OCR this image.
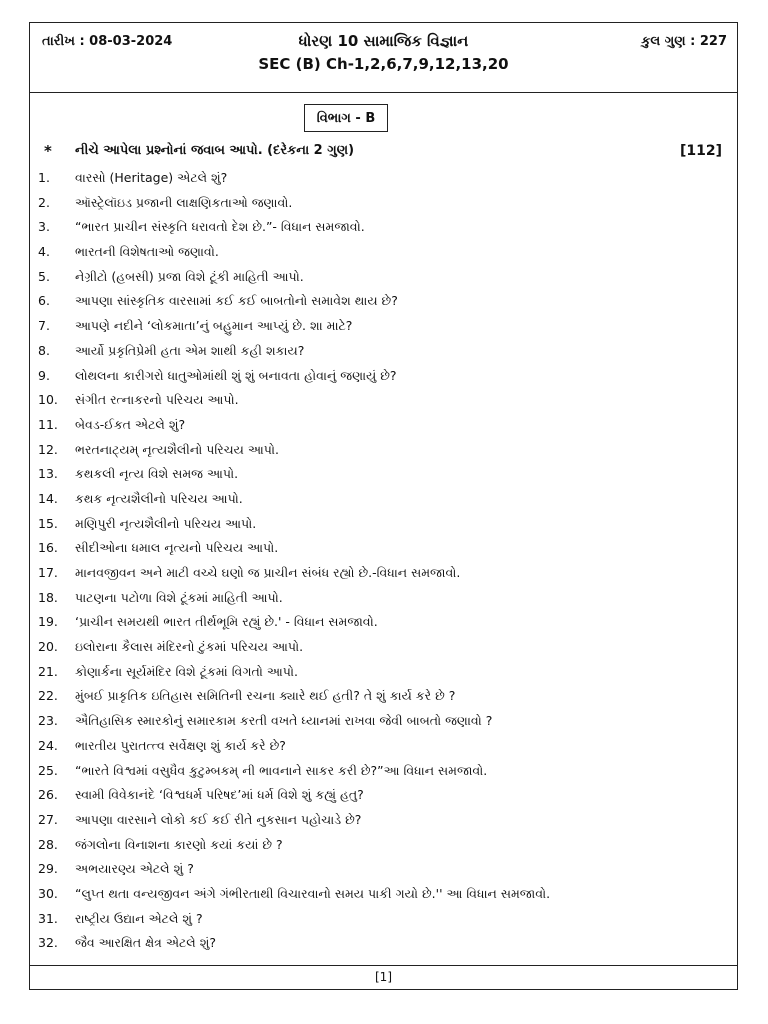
તારીખ : 08-03-2024	ધોરણ 10 સામાજિક વિજ્ઞાન
SEC (B) Ch-1,2,6,7,9,12,13,20
કુલ ગુણ : 227
વિભાગ - B
* નીચે આપેલા પ્રશ્નોનાં જવાબ આપો. (દરેકના 2 ગુણ)	[112]
1.	વારસો (Heritage) એટલે શું?
2.	ઑસ્ટ્રેલૉઇડ પ્રજાની લાક્ષણિકતાઓ જણાવો.
3.	“ભારત પ્રાચીન સંસ્કૃતિ ધરાવતો દેશ છે.”- વિધાન સમજાવો.
4.	ભારતની વિશેષતાઓ જણાવો.
5.	નેગ્રીટો (હબસી) પ્રજા વિશે ટૂંકી માહિતી આપો.
6.	આપણા સાંસ્કૃતિક વારસામાં કઈ કઈ બાબતોનો સમાવેશ થાય છે?
7.	આપણે નદીને ‘લોકમાતા’નું બહુમાન આપ્યું છે. શા માટે?
8.	આર્યો પ્રકૃતિપ્રેમી હતા એમ શાથી કહી શકાય?
9.	લોથલના કારીગરો ધાતુઓમાંથી શું શું બનાવતા હોવાનું જણાયું છે?
10.	સંગીત રત્નાકરનો પરિચય આપો.
11.	બેવડ-ઈકત એટલે શું?
12.	ભરતનાટ્યમ્ નૃત્યશૈલીનો પરિચય આપો.
13.	કથકલી નૃત્ય વિશે સમજ આપો.
14.	કથક નૃત્યશૈલીનો પરિચય આપો.
15.	મણિપુરી નૃત્યશૈલીનો પરિચય આપો.
16.	સીદીઓના ધમાલ નૃત્યનો પરિચય આપો.
17.	માનવજીવન અને માટી વચ્ચે ઘણો જ પ્રાચીન સંબંધ રહ્યો છે.-વિધાન સમજાવો.
18.	પાટણના પટોળા વિશે ટૂંકમાં માહિતી આપો.
19.	‘પ્રાચીન સમયથી ભારત તીર્થભૂમિ રહ્યું છે.' - વિધાન સમજાવો.
20.	ઇલોરાના કૈલાસ મંદિરનો ટુંકમાં પરિચય આપો.
21.	કોણાર્કના સૂર્યમંદિર વિશે ટૂંકમાં વિગતો આપો.
22.	મુંબઈ પ્રાકૃતિક ઇતિહાસ સમિતિની રચના ક્યારે થઈ હતી? તે શું કાર્ય કરે છે ?
23.	ઐતિહાસિક સ્મારકોનું સમારકામ કરતી વખતે ધ્યાનમાં રાખવા જેવી બાબતો જણાવો ?
24.	ભારતીય પુરાતત્ત્વ સર્વેક્ષણ શું કાર્ય કરે છે?
25.	“ભારતે વિશ્વમાં વસુધૈવ કુટુમ્બકમ્ ની ભાવનાને સાકર કરી છે?”આ વિધાન સમજાવો.
26.	સ્વામી વિવેકાનંદે ‘વિશ્વધર્મ પરિષદ’માં ધર્મ વિશે શું કહ્યું હતુ?
27.	આપણા વારસાને લોકો કઈ કઈ રીતે નુકસાન પહોચાડે છે?
28.	જંગલોના વિનાશના કારણો કયાં કયાં છે ?
29.	અભયારણ્ય એટલે શું ?
30.	“લુપ્ત થતા વન્યજીવન અંગે ગંભીરતાથી વિચારવાનો સમય પાકી ગયો છે.'' આ વિધાન સમજાવો.
31.	રાષ્ટ્રીય ઉદ્યાન એટલે શું ?
32.	જૈવ આરક્ષિત ક્ષેત્ર એટલે શું?
[1]
